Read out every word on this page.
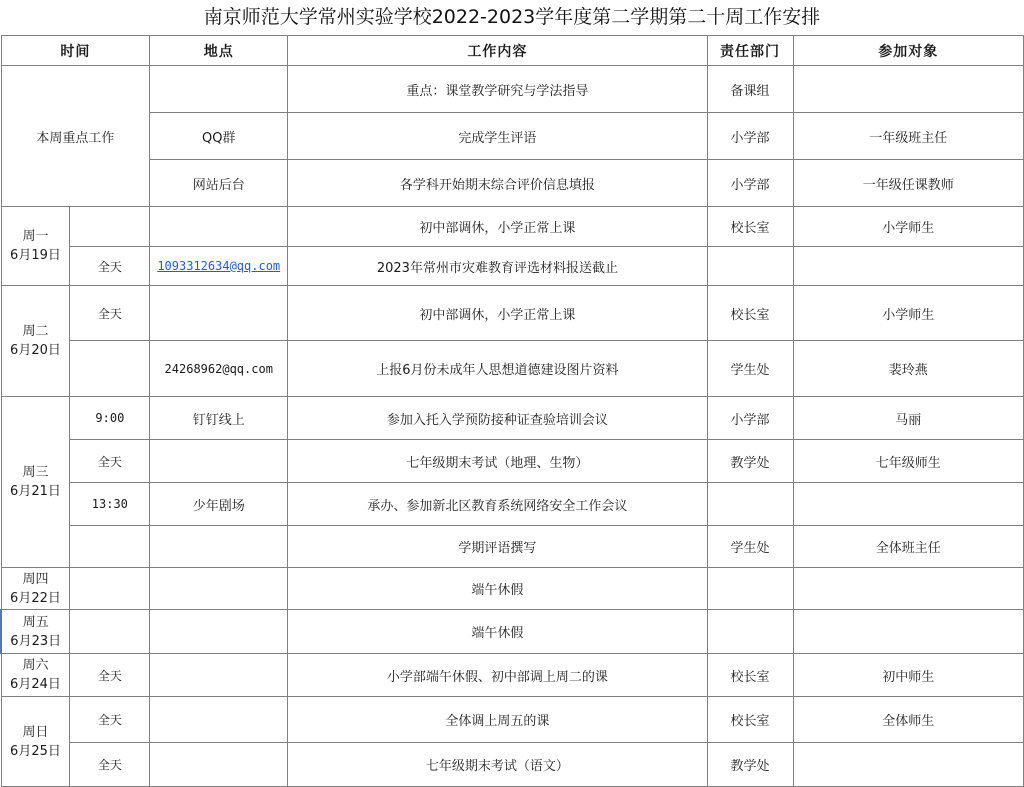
南京师范大学常州实验学校2022-2023学年度第二学期第二十周工作安排
时间		地点	工作内容	责任部门	参加对象
本周重点工作			重点：课堂教学研究与学法指导	备课组	
		QQ群	完成学生评语	小学部	一年级班主任
		网站后台	各学科开始期末综合评价信息填报	小学部	一年级任课教师

周一
6月19日			初中部调休，小学正常上课	校长室	小学师生
	全天	1093312634@qq.com	2023年常州市灾难教育评选材料报送截止		

周二
6月20日	全天		初中部调休，小学正常上课	校长室	小学师生
		24268962@qq.com	上报6月份未成年人思想道德建设图片资料	学生处	裴玲燕

周三
6月21日	9:00	钉钉线上	参加入托入学预防接种证查验培训会议	小学部	马丽
	全天		七年级期末考试（地理、生物）	教学处	七年级师生
	13:30	少年剧场	承办、参加新北区教育系统网络安全工作会议		
			学期评语撰写	学生处	全体班主任

周四
6月22日			端午休假		

周五
6月23日			端午休假		

周六
6月24日	全天		小学部端午休假、初中部调上周二的课	校长室	初中师生

周日
6月25日	全天		全体调上周五的课	校长室	全体师生
	全天		七年级期末考试（语文）	教学处	
